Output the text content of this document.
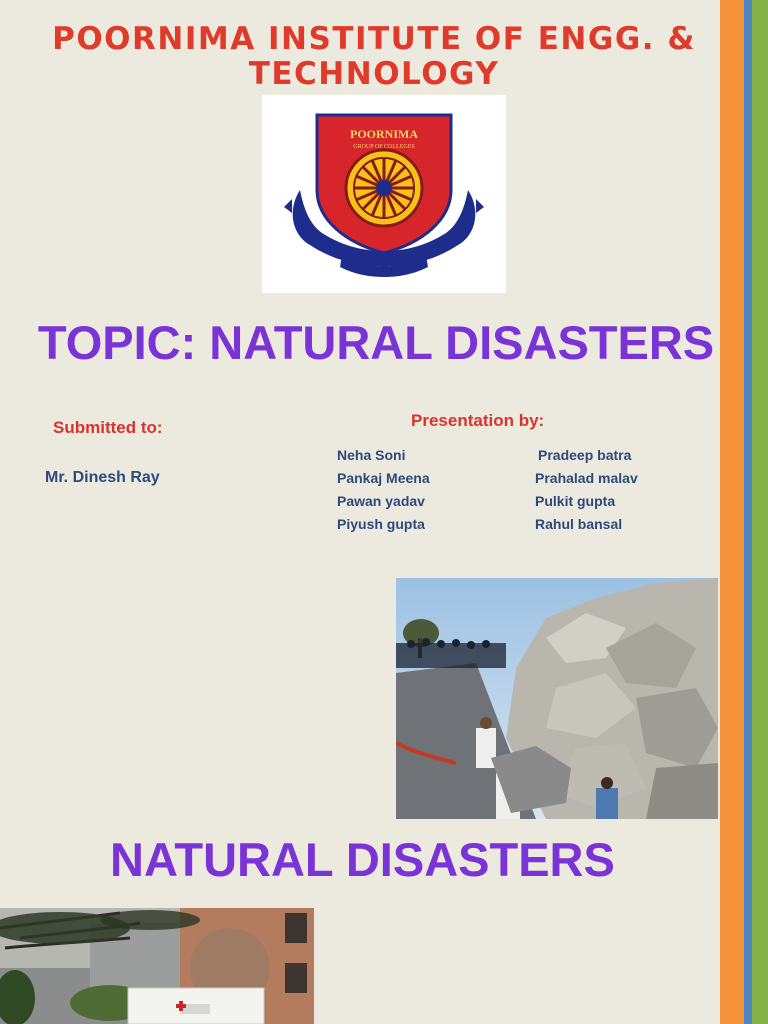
POORNIMA INSTITUTE OF ENGG. & TECHNOLOGY
POORNIMA
GROUP OF COLLEGES
TOPIC: NATURAL DISASTERS
Submitted to:
Mr. Dinesh Ray
Presentation by:
Neha Soni
Pankaj Meena
Pawan yadav
Piyush gupta
Pradeep batra
Prahalad malav
Pulkit gupta
Rahul bansal
NATURAL DISASTERS
